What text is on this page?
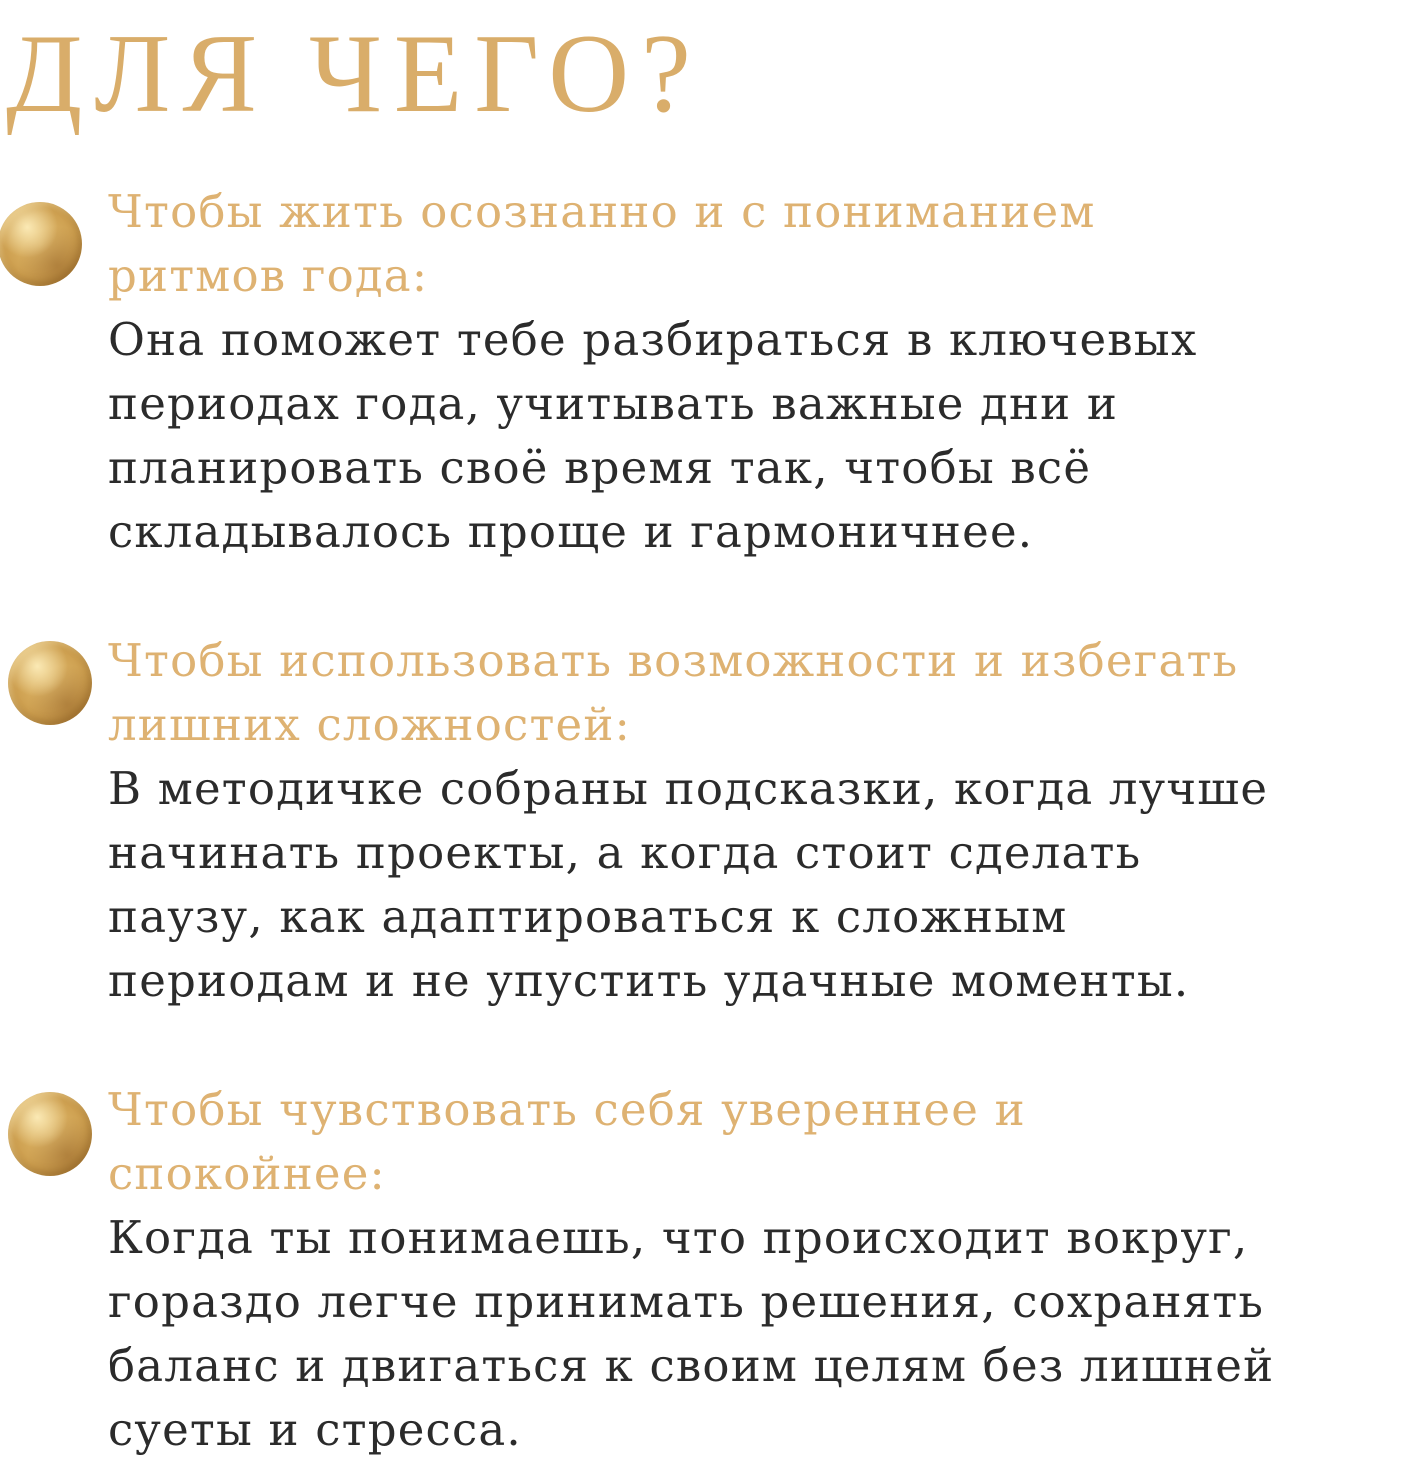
ДЛЯ ЧЕГО?
Чтобы жить осознанно и с пониманием
ритмов года:
Она поможет тебе разбираться в ключевых
периодах года, учитывать важные дни и
планировать своё время так, чтобы всё
складывалось проще и гармоничнее.
Чтобы использовать возможности и избегать
лишних сложностей:
В методичке собраны подсказки, когда лучше
начинать проекты, а когда стоит сделать
паузу, как адаптироваться к сложным
периодам и не упустить удачные моменты.
Чтобы чувствовать себя увереннее и
спокойнее:
Когда ты понимаешь, что происходит вокруг,
гораздо легче принимать решения, сохранять
баланс и двигаться к своим целям без лишней
суеты и стресса.
